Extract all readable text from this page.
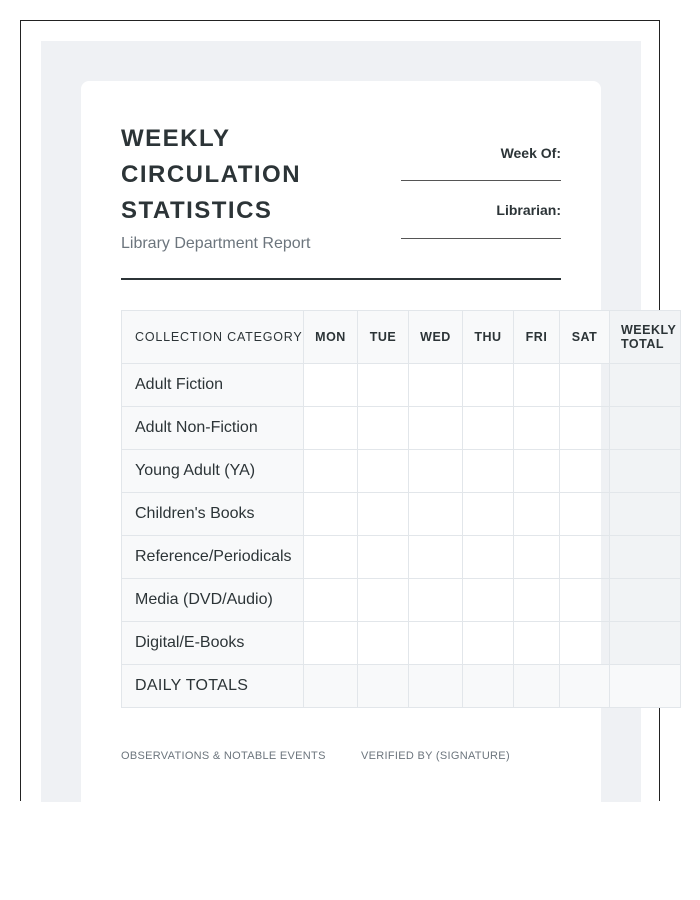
WEEKLY CIRCULATION STATISTICS
Library Department Report
Week Of:
Librarian:
COLLECTION CATEGORY	MON	TUE	WED	THU	FRI	SAT	WEEKLY TOTAL
Adult Fiction							
Adult Non-Fiction							
Young Adult (YA)							
Children's Books							
Reference/Periodicals							
Media (DVD/Audio)							
Digital/E-Books							
DAILY TOTALS							
OBSERVATIONS & NOTABLE EVENTS	VERIFIED BY (SIGNATURE)
